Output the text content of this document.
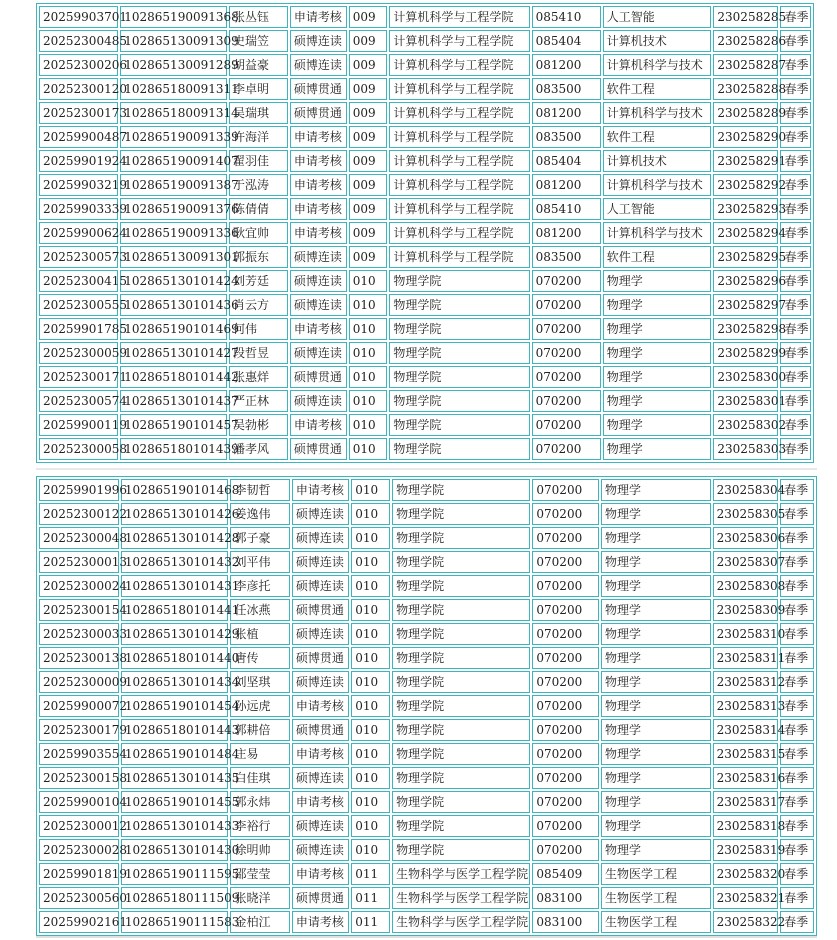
20259903701	102865190091368	张丛钰	申请考核	009	计算机科学与工程学院	085410	人工智能	230258285	春季
20252300485	102865130091309	史瑞笠	硕博连读	009	计算机科学与工程学院	085404	计算机技术	230258286	春季
20252300206	102865130091289	胡益豪	硕博连读	009	计算机科学与工程学院	081200	计算机科学与技术	230258287	春季
20252300120	102865180091311	李卓明	硕博贯通	009	计算机科学与工程学院	083500	软件工程	230258288	春季
20252300173	102865180091314	吴瑞琪	硕博贯通	009	计算机科学与工程学院	081200	计算机科学与技术	230258289	春季
20259900487	102865190091339	许海洋	申请考核	009	计算机科学与工程学院	083500	软件工程	230258290	春季
20259901924	102865190091407	翟羽佳	申请考核	009	计算机科学与工程学院	085404	计算机技术	230258291	春季
20259903219	102865190091387	于泓涛	申请考核	009	计算机科学与工程学院	081200	计算机科学与技术	230258292	春季
20259903339	102865190091376	陈倩倩	申请考核	009	计算机科学与工程学院	085410	人工智能	230258293	春季
20259900624	102865190091336	耿宜帅	申请考核	009	计算机科学与工程学院	081200	计算机科学与技术	230258294	春季
20252300573	102865130091301	郭振东	硕博连读	009	计算机科学与工程学院	083500	软件工程	230258295	春季
20252300415	102865130101424	刘芳廷	硕博连读	010	物理学院	070200	物理学	230258296	春季
20252300555	102865130101436	肖云方	硕博连读	010	物理学院	070200	物理学	230258297	春季
20259901785	102865190101469	何伟	申请考核	010	物理学院	070200	物理学	230258298	春季
20252300059	102865130101427	段哲昱	硕博连读	010	物理学院	070200	物理学	230258299	春季
20252300171	102865180101442	张惠烊	硕博贯通	010	物理学院	070200	物理学	230258300	春季
20252300574	102865130101437	严正林	硕博连读	010	物理学院	070200	物理学	230258301	春季
20259900119	102865190101457	吴勃彬	申请考核	010	物理学院	070200	物理学	230258302	春季
20252300058	102865180101439	潘孝风	硕博贯通	010	物理学院	070200	物理学	230258303	春季
20259901996	102865190101468	李韧哲	申请考核	010	物理学院	070200	物理学	230258304	春季
20252300122	102865130101426	姜逸伟	硕博连读	010	物理学院	070200	物理学	230258305	春季
20252300048	102865130101428	郭子豪	硕博连读	010	物理学院	070200	物理学	230258306	春季
20252300013	102865130101432	刘平伟	硕博连读	010	物理学院	070200	物理学	230258307	春季
20252300024	102865130101431	李彦托	硕博连读	010	物理学院	070200	物理学	230258308	春季
20252300154	102865180101441	任冰燕	硕博贯通	010	物理学院	070200	物理学	230258309	春季
20252300033	102865130101429	张植	硕博连读	010	物理学院	070200	物理学	230258310	春季
20252300138	102865180101440	唐传	硕博贯通	010	物理学院	070200	物理学	230258311	春季
20252300009	102865130101434	刘坚琪	硕博连读	010	物理学院	070200	物理学	230258312	春季
20259900072	102865190101454	孙远虎	申请考核	010	物理学院	070200	物理学	230258313	春季
20252300179	102865180101443	郭耕倍	硕博贯通	010	物理学院	070200	物理学	230258314	春季
20259903554	102865190101484	庄易	申请考核	010	物理学院	070200	物理学	230258315	春季
20252300158	102865130101435	白佳琪	硕博连读	010	物理学院	070200	物理学	230258316	春季
20259900104	102865190101455	郭永炜	申请考核	010	物理学院	070200	物理学	230258317	春季
20252300012	102865130101433	李裕行	硕博连读	010	物理学院	070200	物理学	230258318	春季
20252300028	102865130101430	徐明帅	硕博连读	010	物理学院	070200	物理学	230258319	春季
20259901819	102865190111595	邵莹莹	申请考核	011	生物科学与医学工程学院	085409	生物医学工程	230258320	春季
20252300560	102865180111509	张晓洋	硕博贯通	011	生物科学与医学工程学院	083100	生物医学工程	230258321	春季
20259902161	102865190111583	金柏江	申请考核	011	生物科学与医学工程学院	083100	生物医学工程	230258322	春季
